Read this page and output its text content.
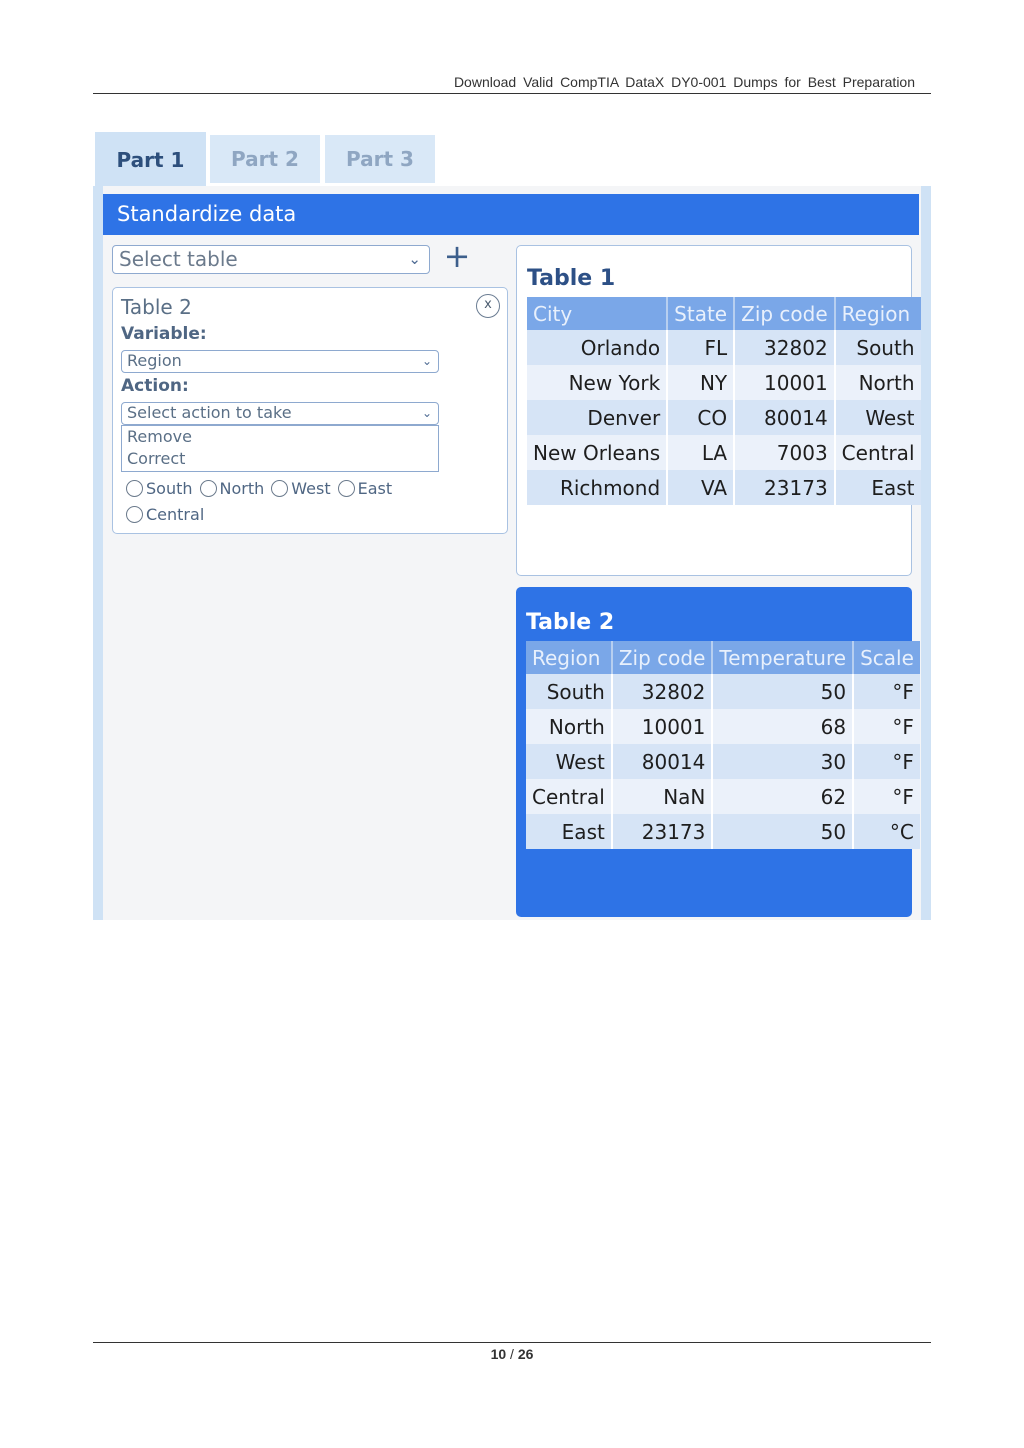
Download Valid CompTIA DataX DY0-001 Dumps for Best Preparation
Part 1	Part 2	Part 3
Standardize data
Select table	⌄ +
Table 2	x
Variable:
Region	⌄
Action:
Select action to take	⌄
Remove
Correct
South North West East
Central
Table 1
City	State	Zip code	Region
Orlando	FL	32802	South
New York	NY	10001	North
Denver	CO	80014	West
New Orleans	LA	7003	Central
Richmond	VA	23173	East
Table 2
Region	Zip code	Temperature	Scale
South	32802	50	°F
North	10001	68	°F
West	80014	30	°F
Central	NaN	62	°F
East	23173	50	°C
10 / 26
